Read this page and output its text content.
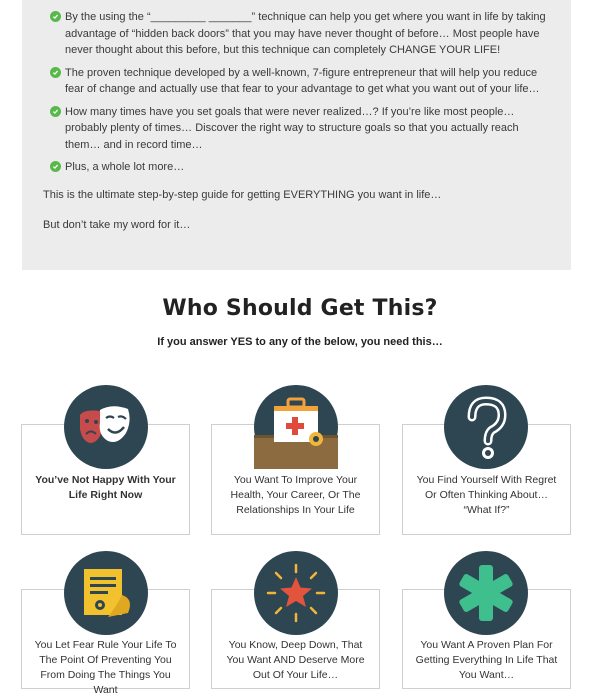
By the using the “_________ _______” technique can help you get where you want in life by taking advantage of “hidden back doors” that you may have never thought of before… Most people have never thought about this before, but this technique can completely CHANGE YOUR LIFE!
The proven technique developed by a well-known, 7-figure entrepreneur that will help you reduce fear of change and actually use that fear to your advantage to get what you want out of your life…
How many times have you set goals that were never realized…? If you’re like most people… probably plenty of times… Discover the right way to structure goals so that you actually reach them… and in record time…
Plus, a whole lot more…

This is the ultimate step-by-step guide for getting EVERYTHING you want in life…

But don’t take my word for it…

Who Should Get This?

If you answer YES to any of the below, you need this…

You’ve Not Happy With Your Life Right Now

You Want To Improve Your Health, Your Career, Or The Relationships In Your Life

You Find Yourself With Regret Or Often Thinking About… “What If?”

You Let Fear Rule Your Life To The Point Of Preventing You From Doing The Things You Want

You Know, Deep Down, That You Want AND Deserve More Out Of Your Life…

You Want A Proven Plan For Getting Everything In Life That You Want…
